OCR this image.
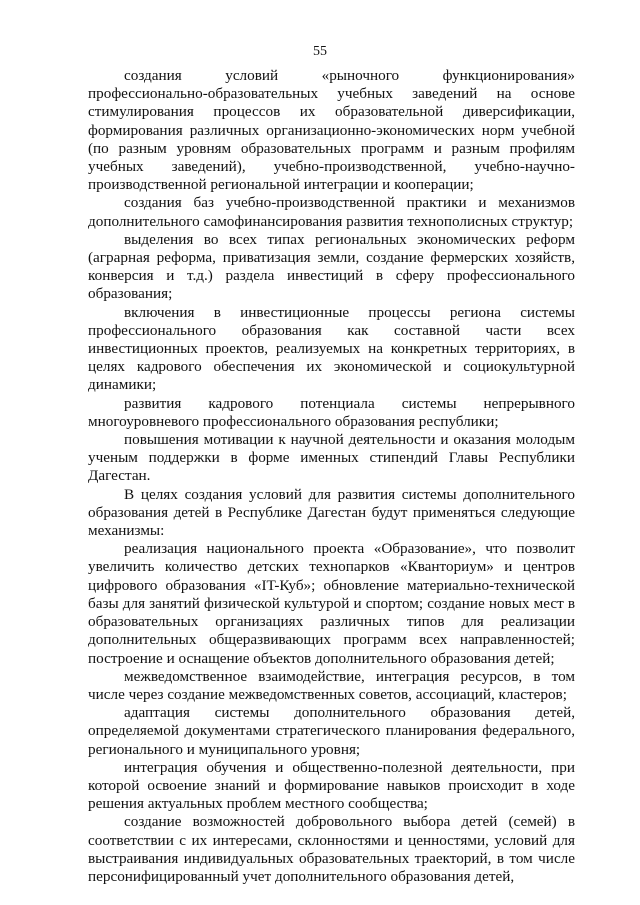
55

создания условий «рыночного функционирования» профессионально-образовательных учебных заведений на основе стимулирования процессов их образовательной диверсификации, формирования различных организационно-экономических норм учебной (по разным уровням образовательных программ и разным профилям учебных заведений), учебно-производственной, учебно-научно-производственной региональной интеграции и кооперации;

создания баз учебно-производственной практики и механизмов дополнительного самофинансирования развития технополисных структур;

выделения во всех типах региональных экономических реформ (аграрная реформа, приватизация земли, создание фермерских хозяйств, конверсия и т.д.) раздела инвестиций в сферу профессионального образования;

включения в инвестиционные процессы региона системы профессионального образования как составной части всех инвестиционных проектов, реализуемых на конкретных территориях, в целях кадрового обеспечения их экономической и социокультурной динамики;

развития кадрового потенциала системы непрерывного многоуровневого профессионального образования республики;

повышения мотивации к научной деятельности и оказания молодым ученым поддержки в форме именных стипендий Главы Республики Дагестан.

В целях создания условий для развития системы дополнительного образования детей в Республике Дагестан будут применяться следующие механизмы:

реализация национального проекта «Образование», что позволит увеличить количество детских технопарков «Кванториум» и центров цифрового образования «IT-Куб»; обновление материально-технической базы для занятий физической культурой и спортом; создание новых мест в образовательных организациях различных типов для реализации дополнительных общеразвивающих программ всех направленностей; построение и оснащение объектов дополнительного образования детей;

межведомственное взаимодействие, интеграция ресурсов, в том числе через создание межведомственных советов, ассоциаций, кластеров;

адаптация системы дополнительного образования детей, определяемой документами стратегического планирования федерального, регионального и муниципального уровня;

интеграция обучения и общественно-полезной деятельности, при которой освоение знаний и формирование навыков происходит в ходе решения актуальных проблем местного сообщества;

создание возможностей добровольного выбора детей (семей) в соответствии с их интересами, склонностями и ценностями, условий для выстраивания индивидуальных образовательных траекторий, в том числе персонифицированный учет дополнительного образования детей,
